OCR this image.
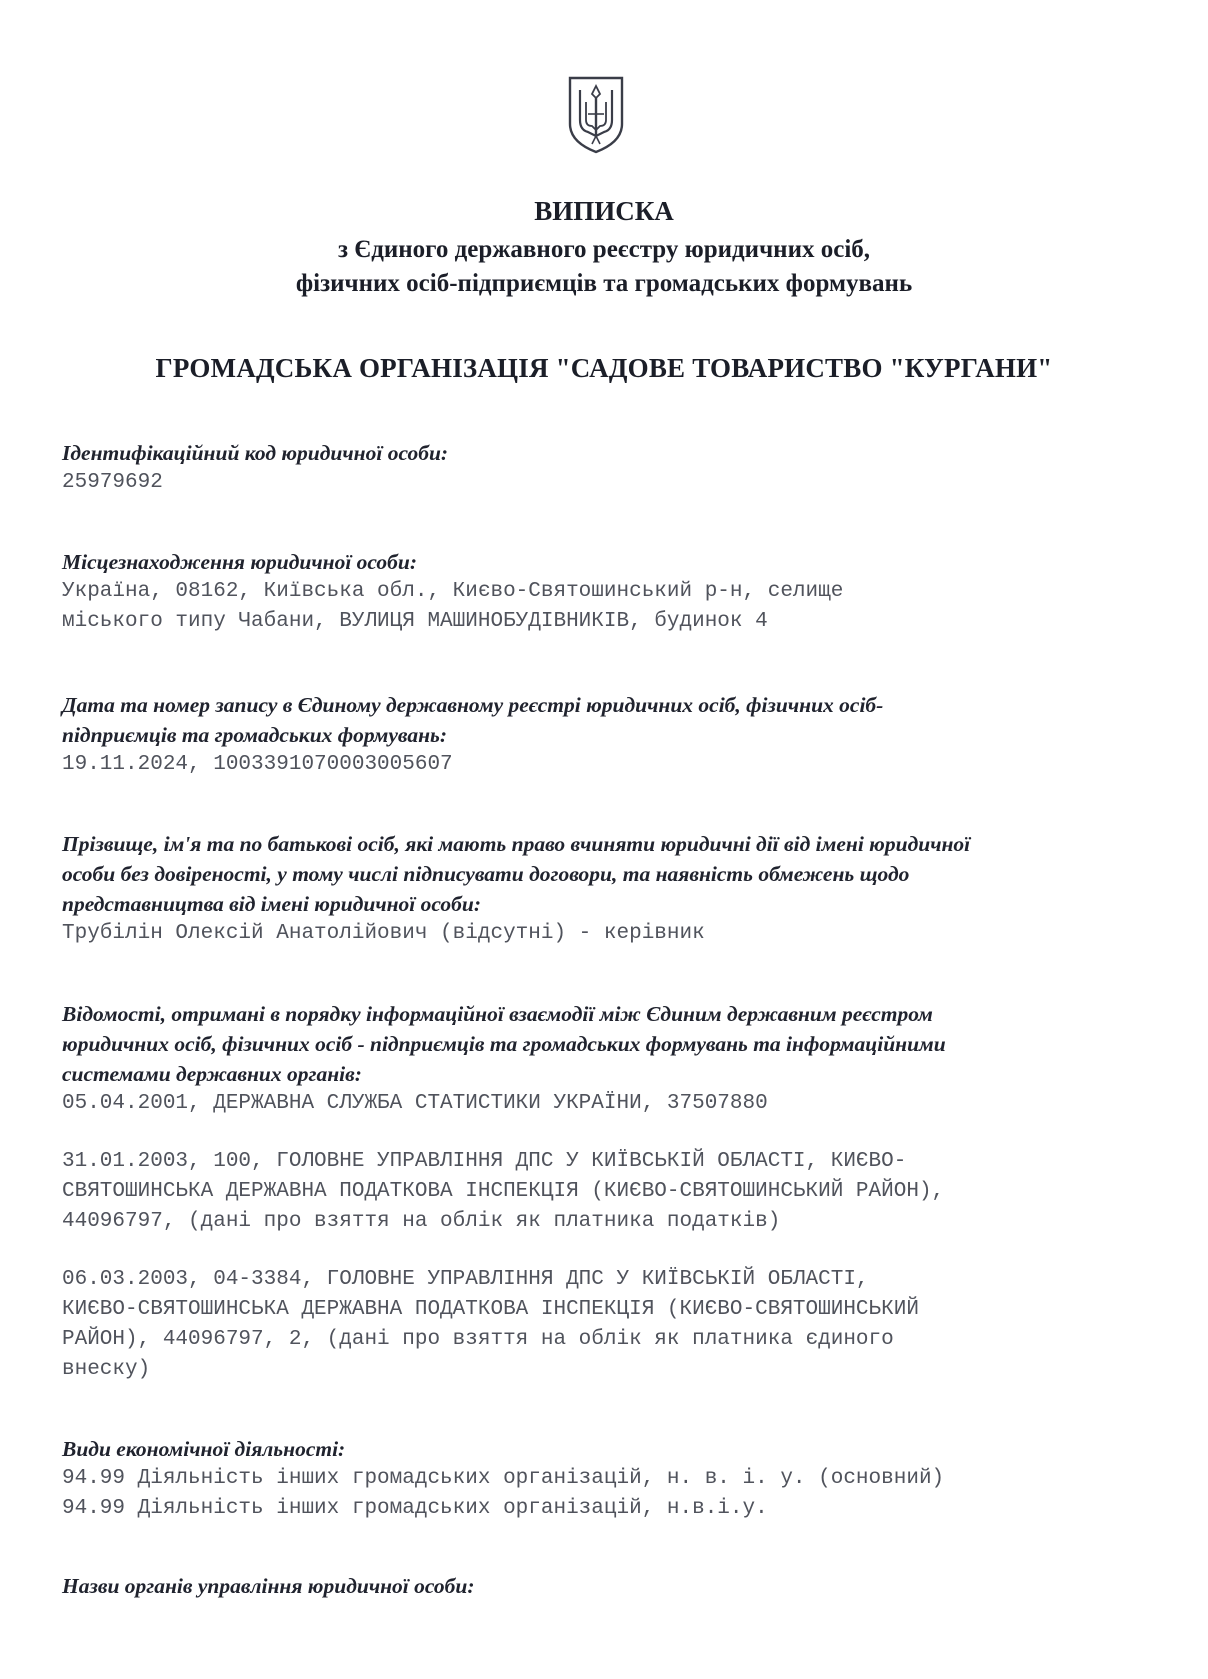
ВИПИСКА
з Єдиного державного реєстру юридичних осіб,
фізичних осіб-підприємців та громадських формувань
ГРОМАДСЬКА ОРГАНІЗАЦІЯ "САДОВЕ ТОВАРИСТВО "КУРГАНИ"

Ідентифікаційний код юридичної особи:

25979692

Місцезнаходження юридичної особи:

Україна, 08162, Київська обл., Києво-Святошинський р-н, селище

міського типу Чабани, ВУЛИЦЯ МАШИНОБУДІВНИКІВ, будинок 4

Дата та номер запису в Єдиному державному реєстрі юридичних осіб, фізичних осіб-

підприємців та громадських формувань:

19.11.2024, 1003391070003005607

Прізвище, ім'я та по батькові осіб, які мають право вчиняти юридичні дії від імені юридичної

особи без довіреності, у тому числі підписувати договори, та наявність обмежень щодо

представництва від імені юридичної особи:

Трубілін Олексій Анатолійович (відсутні) - керівник

Відомості, отримані в порядку інформаційної взаємодії між Єдиним державним реєстром

юридичних осіб, фізичних осіб - підприємців та громадських формувань та інформаційними

системами державних органів:

05.04.2001, ДЕРЖАВНА СЛУЖБА СТАТИСТИКИ УКРАЇНИ, 37507880

31.01.2003, 100, ГОЛОВНЕ УПРАВЛІННЯ ДПС У КИЇВСЬКІЙ ОБЛАСТІ, КИЄВО-

СВЯТОШИНСЬКА ДЕРЖАВНА ПОДАТКОВА ІНСПЕКЦІЯ (КИЄВО-СВЯТОШИНСЬКИЙ РАЙОН),

44096797, (дані про взяття на облік як платника податків)

06.03.2003, 04-3384, ГОЛОВНЕ УПРАВЛІННЯ ДПС У КИЇВСЬКІЙ ОБЛАСТІ,

КИЄВО-СВЯТОШИНСЬКА ДЕРЖАВНА ПОДАТКОВА ІНСПЕКЦІЯ (КИЄВО-СВЯТОШИНСЬКИЙ

РАЙОН), 44096797, 2, (дані про взяття на облік як платника єдиного

внеску)

Види економічної діяльності:

94.99 Діяльність інших громадських організацій, н. в. і. у. (основний)

94.99 Діяльність інших громадських організацій, н.в.і.у.

Назви органів управління юридичної особи:
